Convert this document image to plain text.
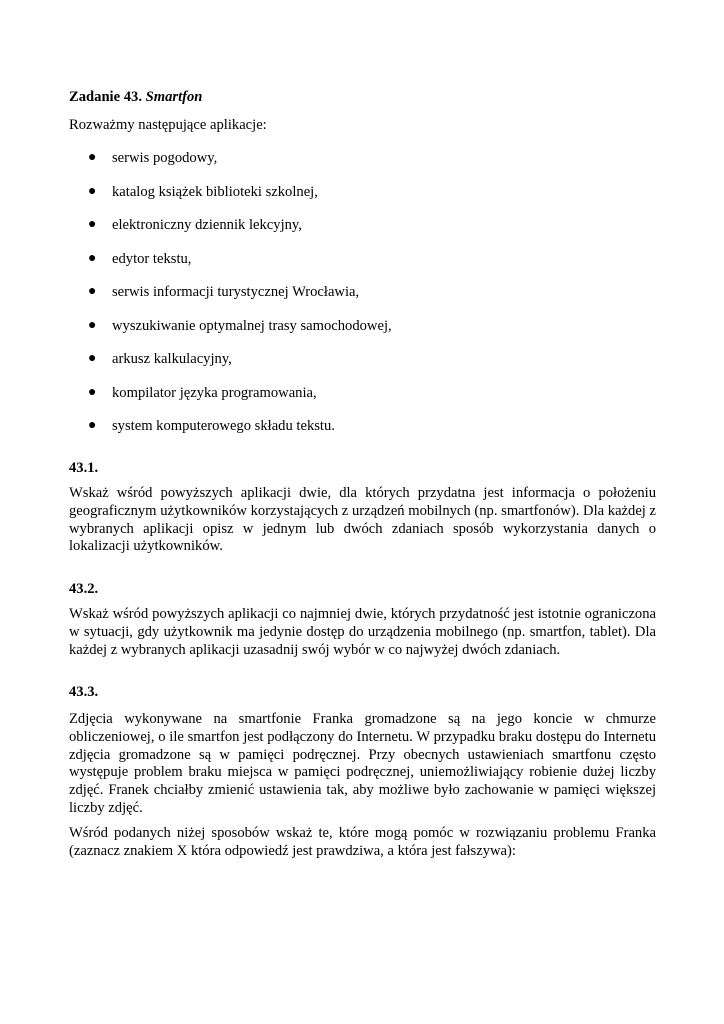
Zadanie 43. Smartfon
Rozważmy następujące aplikacje:
● serwis pogodowy,
● katalog książek biblioteki szkolnej,
● elektroniczny dziennik lekcyjny,
● edytor tekstu,
● serwis informacji turystycznej Wrocławia,
● wyszukiwanie optymalnej trasy samochodowej,
● arkusz kalkulacyjny,
● kompilator języka programowania,
● system komputerowego składu tekstu.
43.1.

Wskaż wśród powyższych aplikacji dwie, dla których przydatna jest informacja o położeniu geograficznym użytkowników korzystających z urządzeń mobilnych (np. smartfonów). Dla każdej z wybranych aplikacji opisz w jednym lub dwóch zdaniach sposób wykorzystania danych o lokalizacji użytkowników.

43.2.

Wskaż wśród powyższych aplikacji co najmniej dwie, których przydatność jest istotnie ograniczona w sytuacji, gdy użytkownik ma jedynie dostęp do urządzenia mobilnego (np. smartfon, tablet). Dla każdej z wybranych aplikacji uzasadnij swój wybór w co najwyżej dwóch zdaniach.

43.3.

Zdjęcia wykonywane na smartfonie Franka gromadzone są na jego koncie w chmurze obliczeniowej, o ile smartfon jest podłączony do Internetu. W przypadku braku dostępu do Internetu zdjęcia gromadzone są w pamięci podręcznej. Przy obecnych ustawieniach smartfonu często występuje problem braku miejsca w pamięci podręcznej, uniemożliwiający robienie dużej liczby zdjęć. Franek chciałby zmienić ustawienia tak, aby możliwe było zachowanie w pamięci większej liczby zdjęć.

Wśród podanych niżej sposobów wskaż te, które mogą pomóc w rozwiązaniu problemu Franka (zaznacz znakiem X która odpowiedź jest prawdziwa, a która jest fałszywa):
